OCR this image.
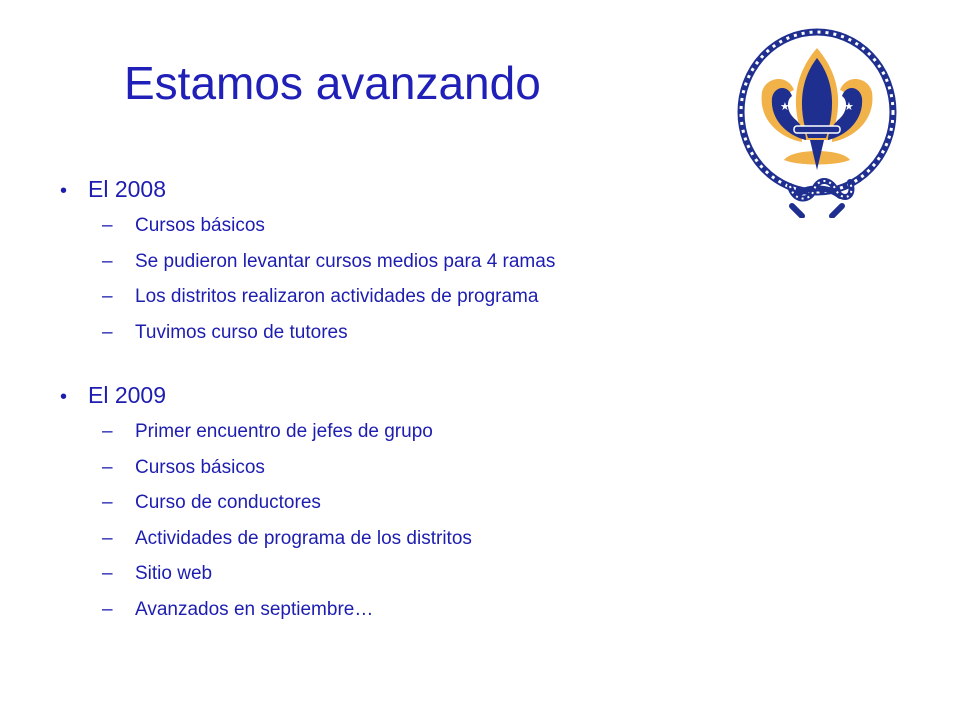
Estamos avanzando	★	★
• El 2008
–	Cursos básicos
–	Se pudieron levantar cursos medios para 4 ramas
–	Los distritos realizaron actividades de programa
–	Tuvimos curso de tutores
• El 2009
–	Primer encuentro de jefes de grupo
–	Cursos básicos
–	Curso de conductores
–	Actividades de programa de los distritos
–	Sitio web
–	Avanzados en septiembre…
